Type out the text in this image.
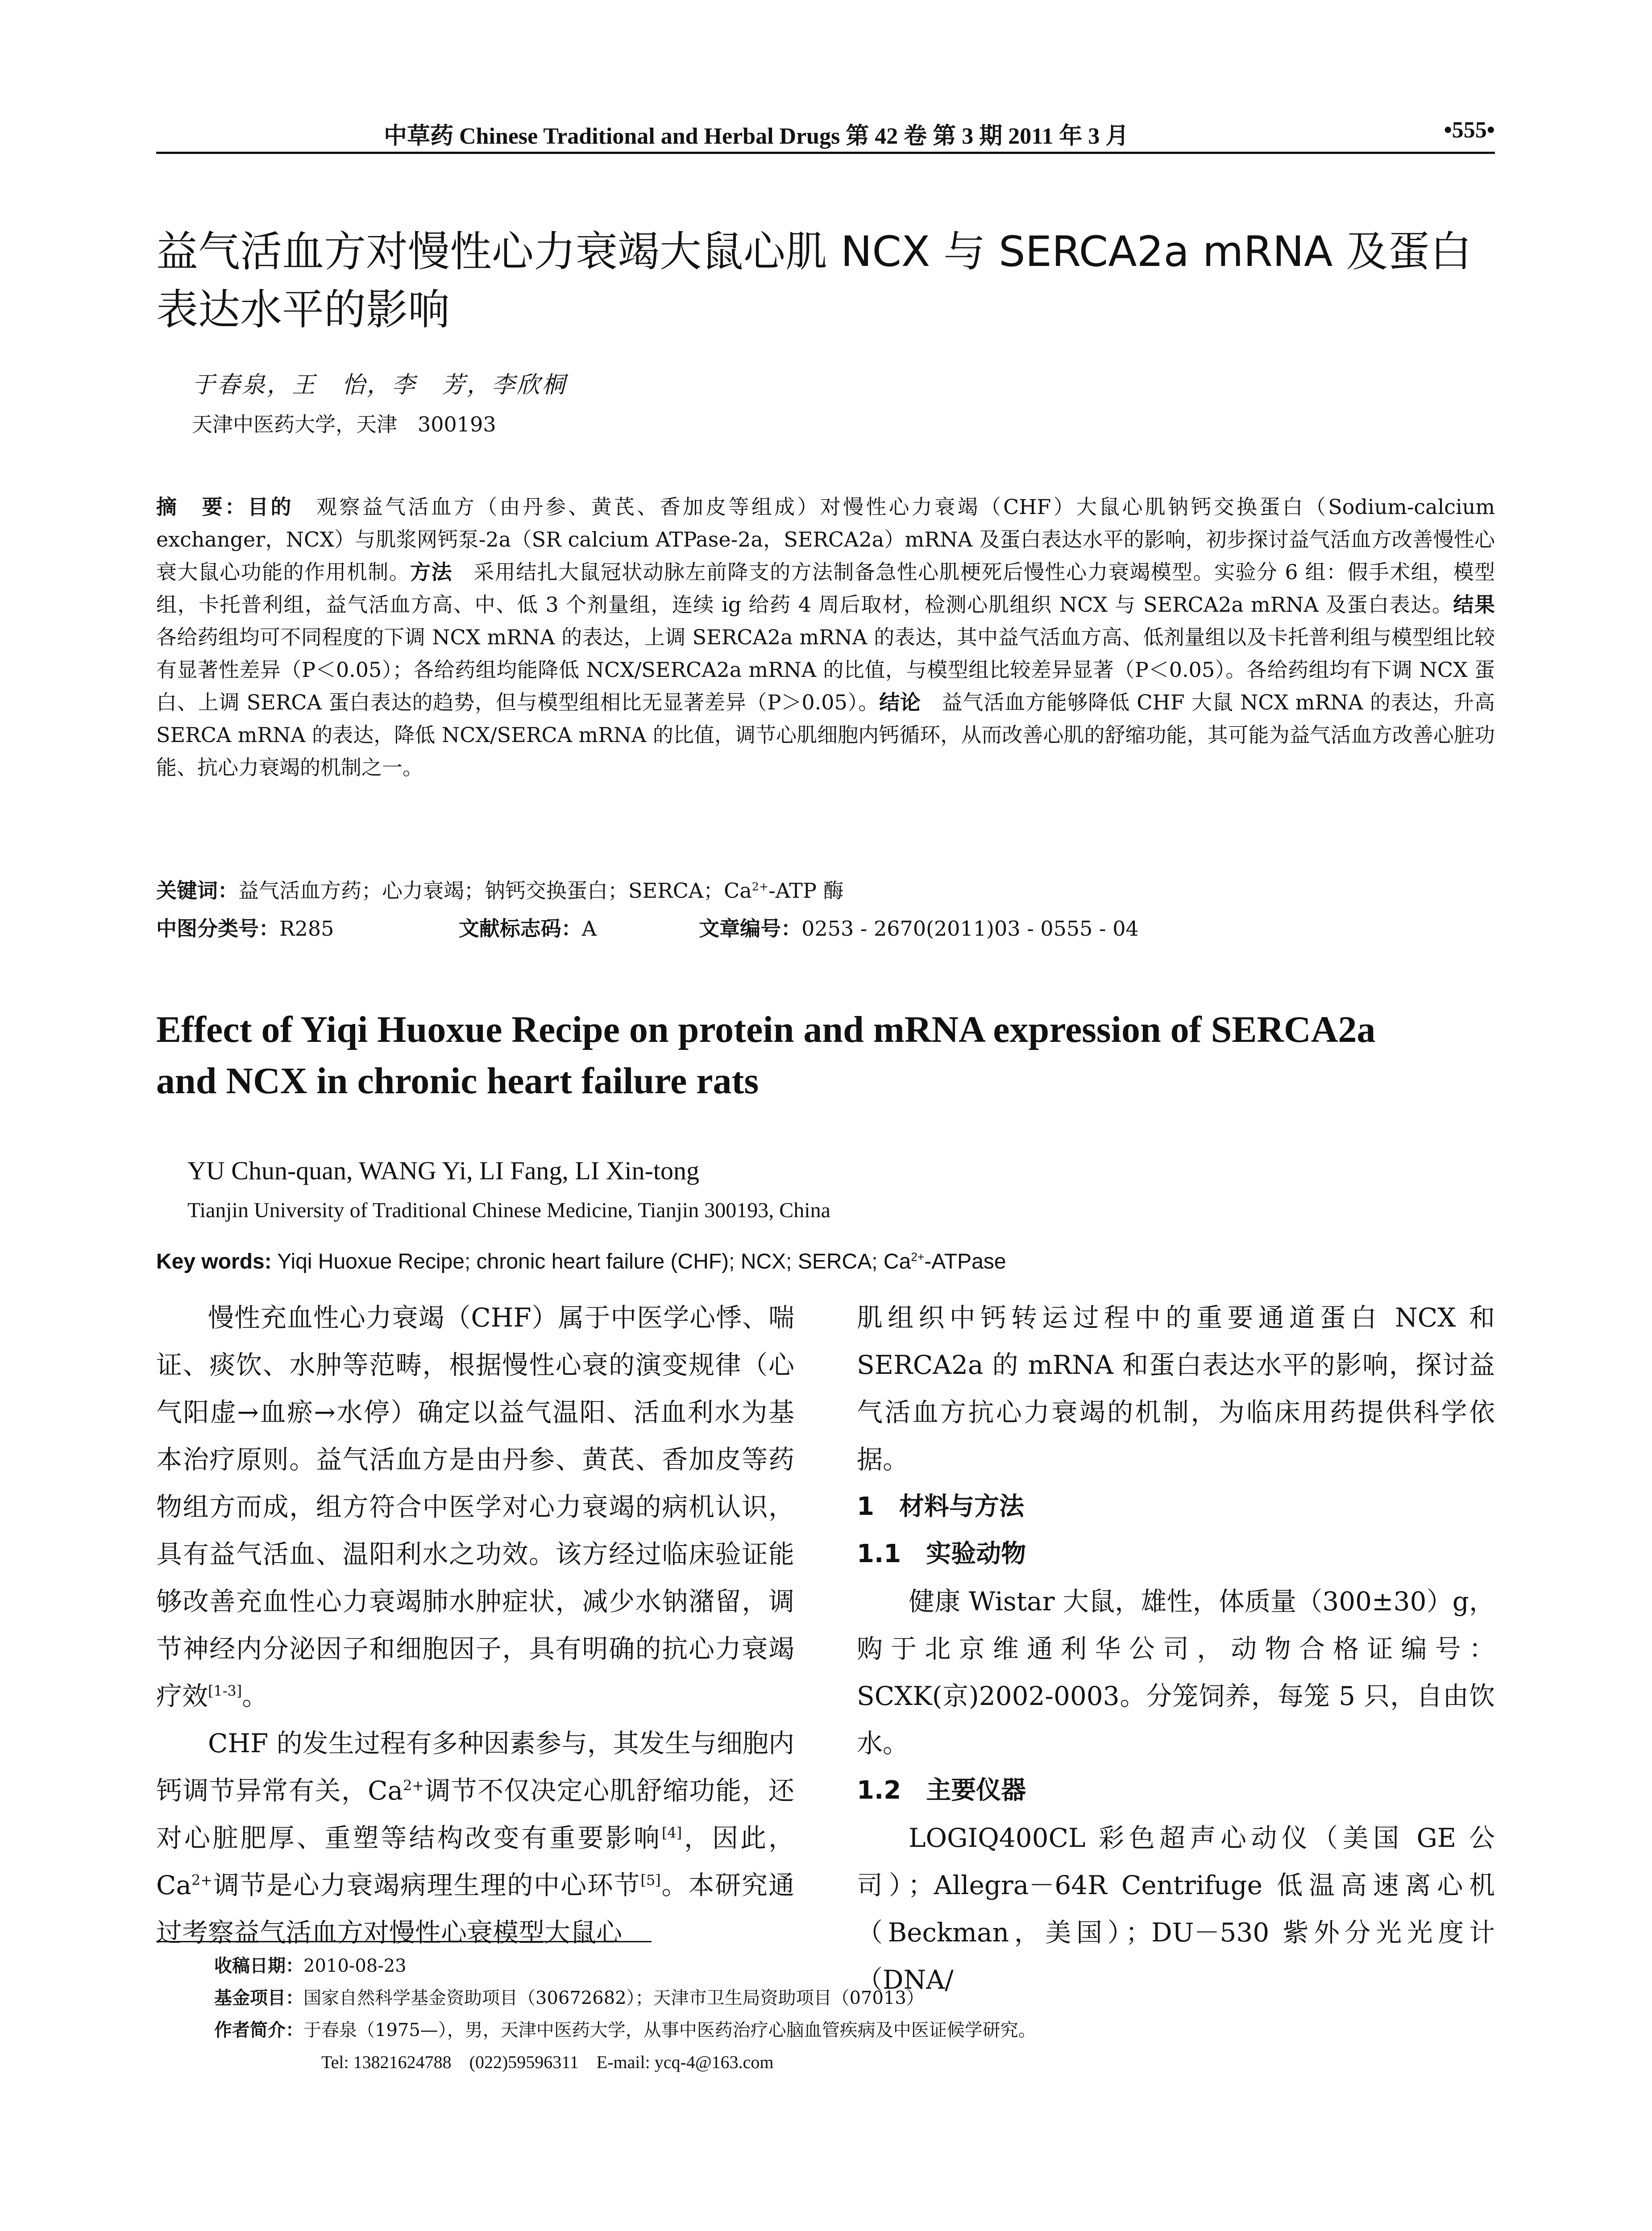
中草药 Chinese Traditional and Herbal Drugs 第 42 卷 第 3 期 2011 年 3 月	•555•
益气活血方对慢性心力衰竭大鼠心肌 NCX 与 SERCA2a mRNA 及蛋白
表达水平的影响
于春泉，王　怡，李　芳，李欣桐
天津中医药大学，天津　300193
摘　要：目的　 观察益气活血方（由丹参、黄芪、香加皮等组成）对慢性心力衰竭（CHF）大鼠心肌钠钙交换蛋白（Sodium-calcium exchanger，NCX）与肌浆网钙泵-2a（SR calcium ATPase-2a，SERCA2a）mRNA 及蛋白表达水平的影响，初步探讨益气活血方改善慢性心衰大鼠心功能的作用机制。方法　 采用结扎大鼠冠状动脉左前降支的方法制备急性心肌梗死后慢性心力衰竭模型。实验分 6 组：假手术组，模型组，卡托普利组，益气活血方高、中、低 3 个剂量组，连续 ig 给药 4 周后取材，检测心肌组织 NCX 与 SERCA2a mRNA 及蛋白表达。结果　各给药组均可不同程度的下调 NCX mRNA 的表达，上调 SERCA2a mRNA 的表达，其中益气活血方高、低剂量组以及卡托普利组与模型组比较有显著性差异（P＜0.05）；各给药组均能降低 NCX/SERCA2a mRNA 的比值，与模型组比较差异显著（P＜0.05）。各给药组均有下调 NCX 蛋白、上调 SERCA 蛋白表达的趋势，但与模型组相比无显著差异（P＞0.05）。结论　 益气活血方能够降低 CHF 大鼠 NCX mRNA 的表达，升高 SERCA mRNA 的表达，降低 NCX/SERCA mRNA 的比值，调节心肌细胞内钙循环，从而改善心肌的舒缩功能，其可能为益气活血方改善心脏功能、抗心力衰竭的机制之一。
关键词：益气活血方药；心力衰竭；钠钙交换蛋白；SERCA；$Ca^{2+}$-ATP 酶
中图分类号：R285	文献标志码：A	文章编号：0253 - 2670(2011)03 - 0555 - 04
Effect of Yiqi Huoxue Recipe on protein and mRNA expression of SERCA2a
and NCX in chronic heart failure rats
YU Chun-quan, WANG Yi, LI Fang, LI Xin-tong
Tianjin University of Traditional Chinese Medicine, Tianjin 300193, China
Key words: Yiqi Huoxue Recipe; chronic heart failure (CHF); NCX; SERCA; $Ca^{2+}$-ATPase

慢性充血性心力衰竭（CHF）属于中医学心悸、喘证、痰饮、水肿等范畴，根据慢性心衰的演变规律（心气阳虚→血瘀→水停）确定以益气温阳、活血利水为基本治疗原则。益气活血方是由丹参、黄芪、香加皮等药物组方而成，组方符合中医学对心力衰竭的病机认识，具有益气活血、温阳利水之功效。该方经过临床验证能够改善充血性心力衰竭肺水肿症状，减少水钠潴留，调节神经内分泌因子和细胞因子，具有明确的抗心力衰竭疗效[1-3]。

CHF 的发生过程有多种因素参与，其发生与细胞内钙调节异常有关，$Ca^{2+}$调节不仅决定心肌舒缩功能，还对心脏肥厚、重塑等结构改变有重要影响[4]，因此，$Ca^{2+}$调节是心力衰竭病理生理的中心环节[5]。本研究通过考察益气活血方对慢性心衰模型大鼠心

肌组织中钙转运过程中的重要通道蛋白 NCX 和 SERCA2a 的 mRNA 和蛋白表达水平的影响，探讨益气活血方抗心力衰竭的机制，为临床用药提供科学依据。

1　材料与方法
1.1　实验动物

健康 Wistar 大鼠，雄性，体质量（300±30）g，购于北京维通利华公司，动物合格证编号：SCXK(京)2002-0003。分笼饲养，每笼 5 只，自由饮水。

1.2　主要仪器

LOGIQ400CL 彩色超声心动仪（美国 GE 公司）；Allegra－64R Centrifuge 低温高速离心机（Beckman，美国）；DU－530 紫外分光光度计（DNA/

收稿日期：2010-08-23
基金项目：国家自然科学基金资助项目（30672682）；天津市卫生局资助项目（07013）
作者简介：于春泉（1975—），男，天津中医药大学，从事中医药治疗心脑血管疾病及中医证候学研究。
Tel: 13821624788　(022)59596311　E-mail: ycq-4@163.com
